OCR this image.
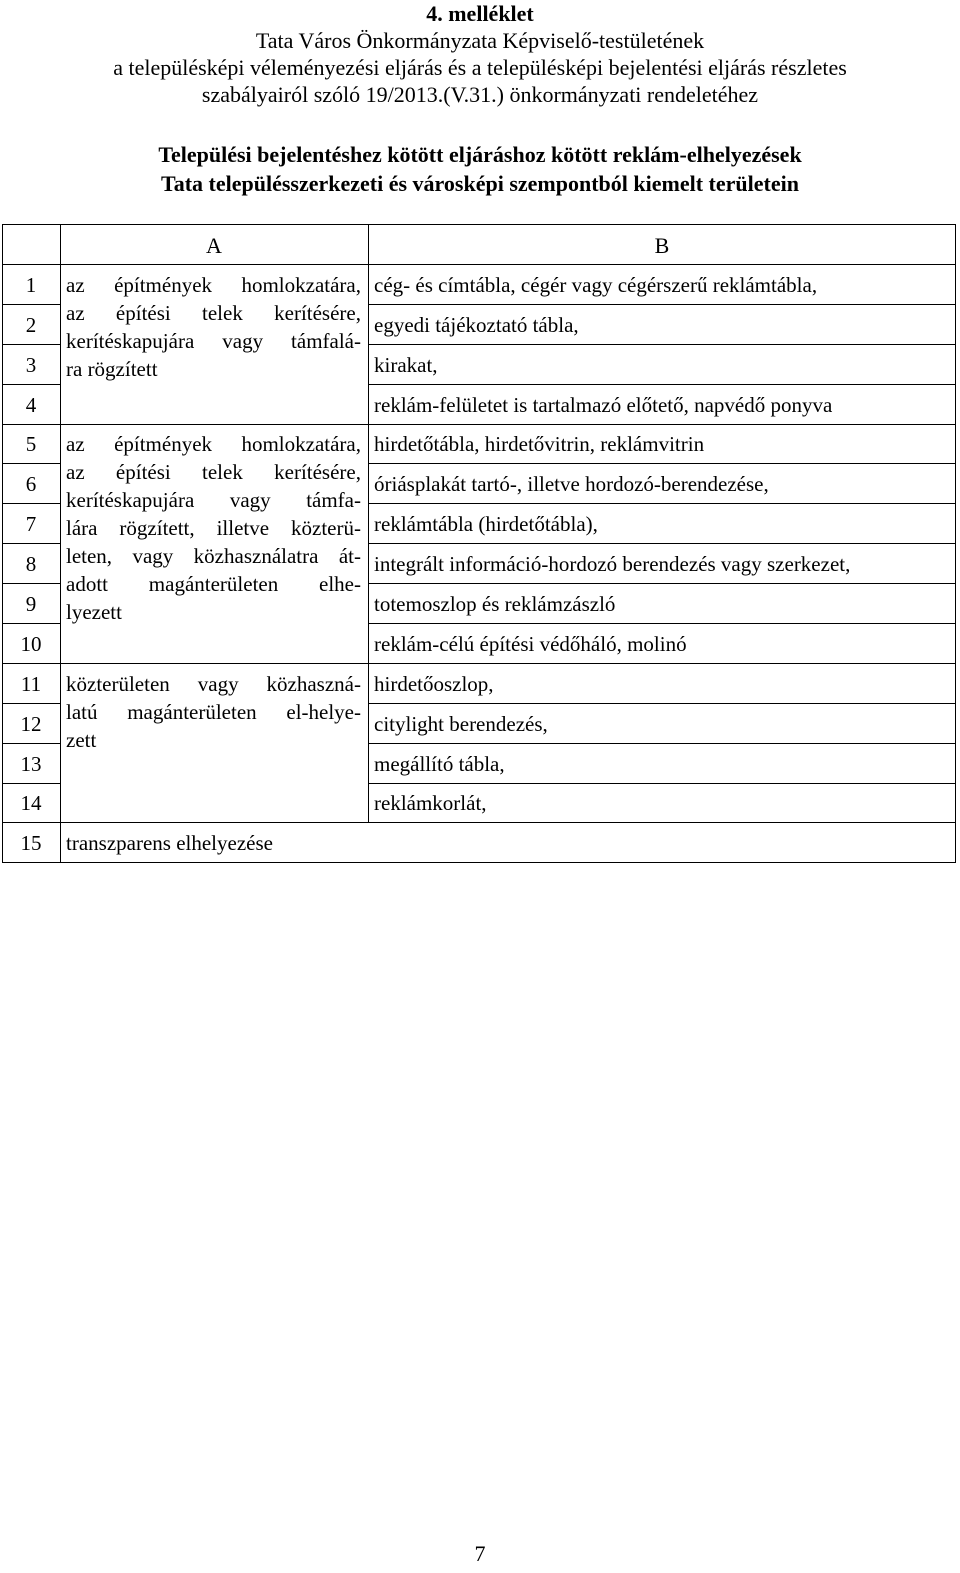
4. melléklet
Tata Város Önkormányzata Képviselő-testületének
a településképi véleményezési eljárás és a településképi bejelentési eljárás részletes
szabályairól szóló 19/2013.(V.31.) önkormányzati rendeletéhez
Települési bejelentéshez kötött eljáráshoz kötött reklám-elhelyezések
Tata településszerkezeti és városképi szempontból kiemelt területein
A	B
1
2
3
4
5
6
7
8
9
10
11
12
13
14
15
az építmények homlokzatára,
az építési telek kerítésére,
kerítéskapujára vagy támfalá-
ra rögzített
az építmények homlokzatára,
az építési telek kerítésére,
kerítéskapujára vagy támfa-
lára rögzített, illetve közterü-
leten, vagy közhasználatra át-
adott magánterületen elhe-
lyezett
közterületen vagy közhaszná-
latú magánterületen el-helye-
zett
transzparens elhelyezése
cég- és címtábla, cégér vagy cégérszerű reklámtábla,
egyedi tájékoztató tábla,
kirakat,
reklám-felületet is tartalmazó előtető, napvédő ponyva
hirdetőtábla, hirdetővitrin, reklámvitrin
óriásplakát tartó-, illetve hordozó-berendezése,
reklámtábla (hirdetőtábla),
integrált információ-hordozó berendezés vagy szerkezet,
totemoszlop és reklámzászló
reklám-célú építési védőháló, molinó
hirdetőoszlop,
citylight berendezés,
megállító tábla,
reklámkorlát,
7
